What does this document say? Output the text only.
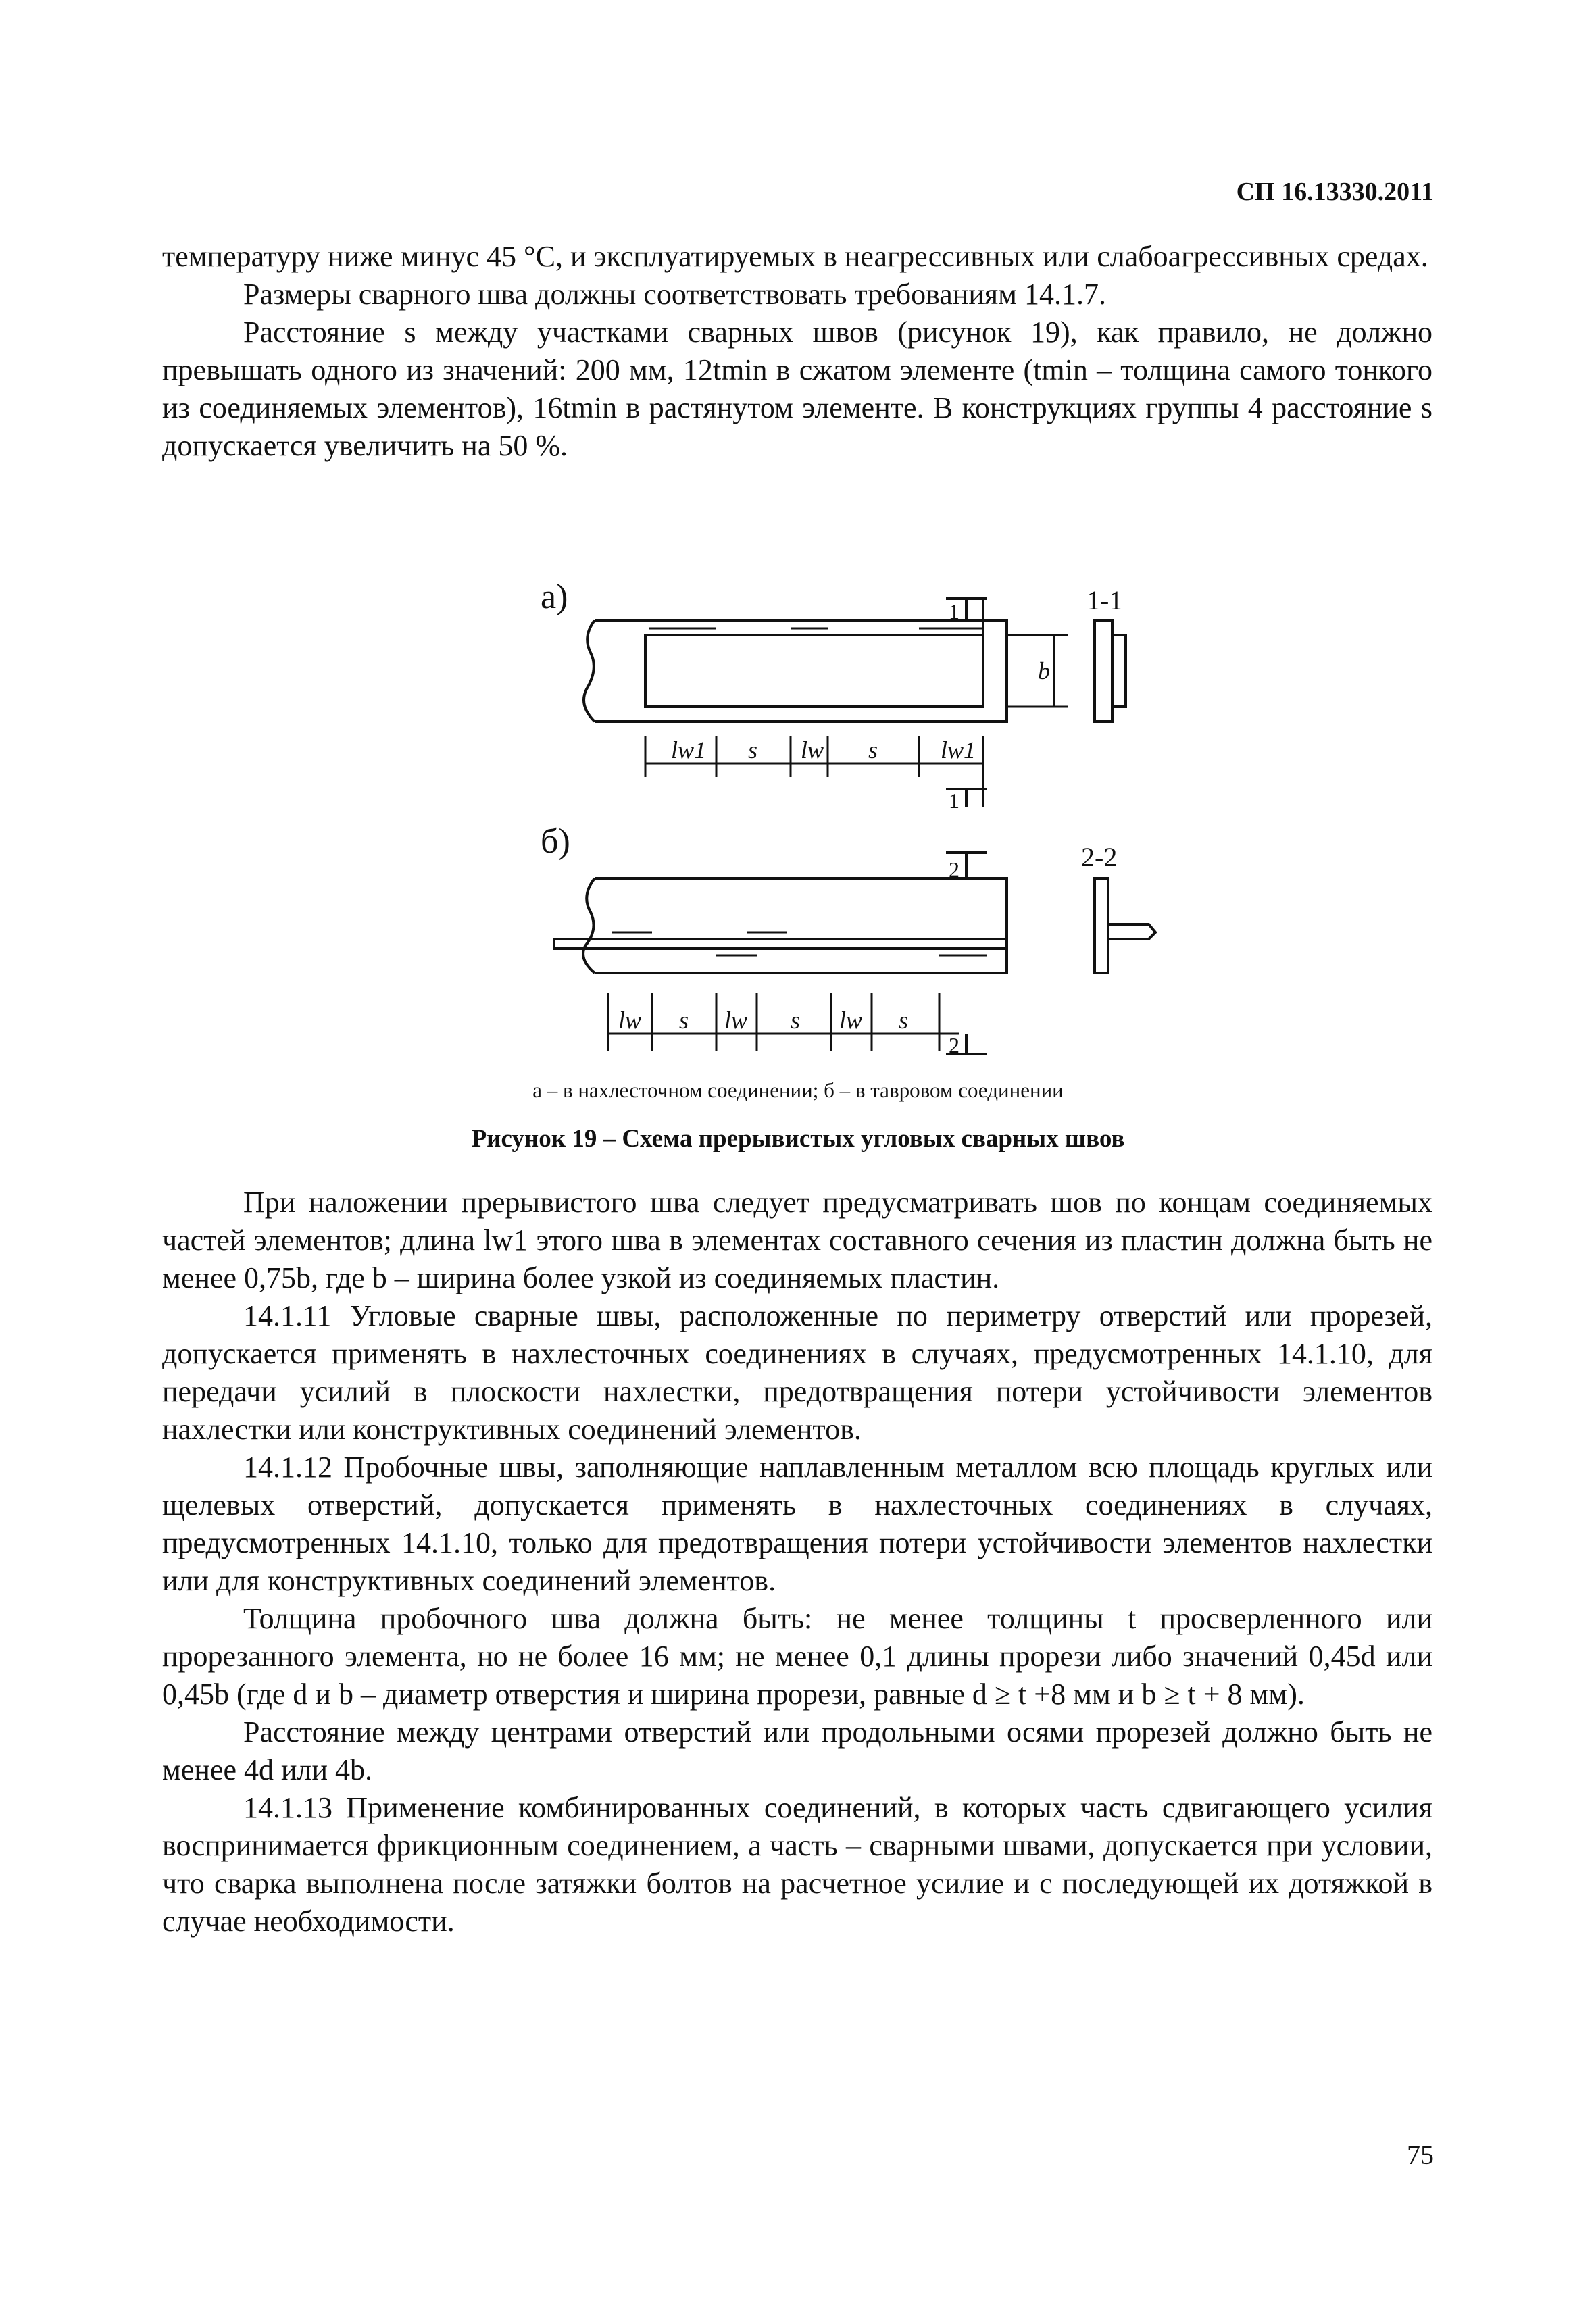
СП 16.13330.2011

температуру ниже минус 45 °С, и эксплуатируемых в неагрессивных или слабоагрессивных средах.

Размеры сварного шва должны соответствовать требованиям 14.1.7.

Расстояние s между участками сварных швов (рисунок 19), как правило, не должно превышать одного из значений: 200 мм, 12tmin в сжатом элементе (tmin – толщина самого тонкого из соединяемых элементов), 16tmin в растянутом элементе. В конструкциях группы 4 расстояние s допускается увеличить на 50 %.

а)
б)
1-1
2-2
1
1
2
2
b
lw1 s lw s	lw1
lw s lw s lw s
а – в нахлесточном соединении; б – в тавровом соединении
Рисунок 19 – Схема прерывистых угловых сварных швов

При наложении прерывистого шва следует предусматривать шов по концам соединяемых частей элементов; длина lw1 этого шва в элементах составного сечения из пластин должна быть не менее 0,75b, где b – ширина более узкой из соединяемых пластин.

14.1.11 Угловые сварные швы, расположенные по периметру отверстий или прорезей, допускается применять в нахлесточных соединениях в случаях, предусмотренных 14.1.10, для передачи усилий в плоскости нахлестки, предотвращения потери устойчивости элементов нахлестки или конструктивных соединений элементов.

14.1.12 Пробочные швы, заполняющие наплавленным металлом всю площадь круглых или щелевых отверстий, допускается применять в нахлесточных соединениях в случаях, предусмотренных 14.1.10, только для предотвращения потери устойчивости элементов нахлестки или для конструктивных соединений элементов.

Толщина пробочного шва должна быть: не менее толщины t просверленного или прорезанного элемента, но не более 16 мм; не менее 0,1 длины прорези либо значений 0,45d или 0,45b (где d и b – диаметр отверстия и ширина прорези, равные d ≥ t +8 мм и b ≥ t + 8 мм).

Расстояние между центрами отверстий или продольными осями прорезей должно быть не менее 4d или 4b.

14.1.13 Применение комбинированных соединений, в которых часть сдвигающего усилия воспринимается фрикционным соединением, а часть – сварными швами, допускается при условии, что сварка выполнена после затяжки болтов на расчетное усилие и с последующей их дотяжкой в случае необходимости.

75
